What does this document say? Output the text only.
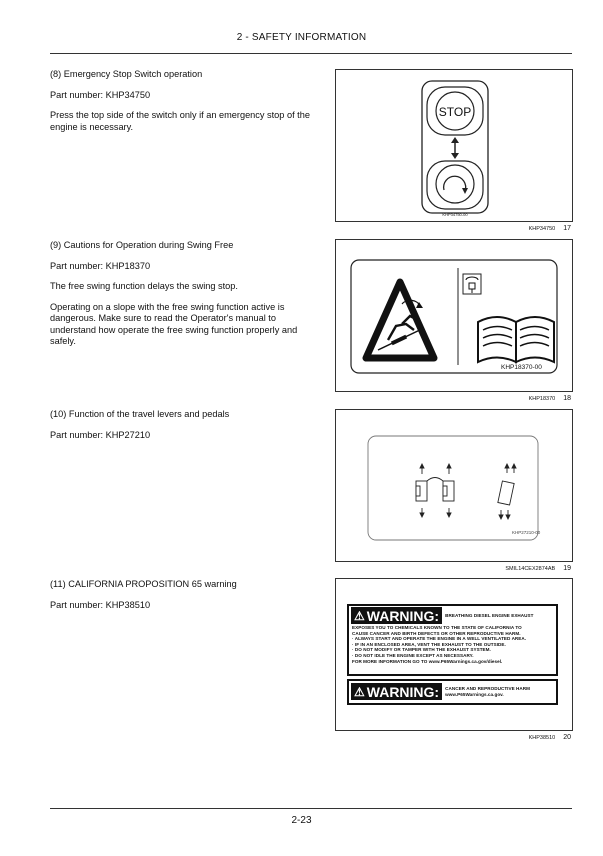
2 - SAFETY INFORMATION

(8) Emergency Stop Switch operation

Part number: KHP34750

Press the top side of the switch only if an emergency stop of the engine is necessary.

STOP
KHP34750-00
KHP34750 17

(9) Cautions for Operation during Swing Free

Part number: KHP18370

The free swing function delays the swing stop.

Operating on a slope with the free swing function active is dangerous. Make sure to read the Operator's manual to understand how operate the free swing function properly and safely.

KHP18370-00
KHP18370 18

(10) Function of the travel levers and pedals

Part number: KHP27210

KHP27210-00
SMIL14CEX2874AB 19

(11) CALIFORNIA PROPOSITION 65 warning

Part number: KHP38510

⚠ WARNING: BREATHING DIESEL ENGINE EXHAUST
EXPOSES YOU TO CHEMICALS KNOWN TO THE STATE OF CALIFORNIA TO
CAUSE CANCER AND BIRTH DEFECTS OR OTHER REPRODUCTIVE HARM.
· ALWAYS START AND OPERATE THE ENGINE IN A WELL VENTILATED AREA.
· IF IN AN ENCLOSED AREA, VENT THE EXHAUST TO THE OUTSIDE.
· DO NOT MODIFY OR TAMPER WITH THE EXHAUST SYSTEM.
· DO NOT IDLE THE ENGINE EXCEPT AS NECESSARY.
FOR MORE INFORMATION GO TO www.P65Warnings.ca.gov/diesel.
⚠ WARNING: CANCER AND REPRODUCTIVE HARM
www.P65Warnings.ca.gov.
KHP38510 20
2-23
